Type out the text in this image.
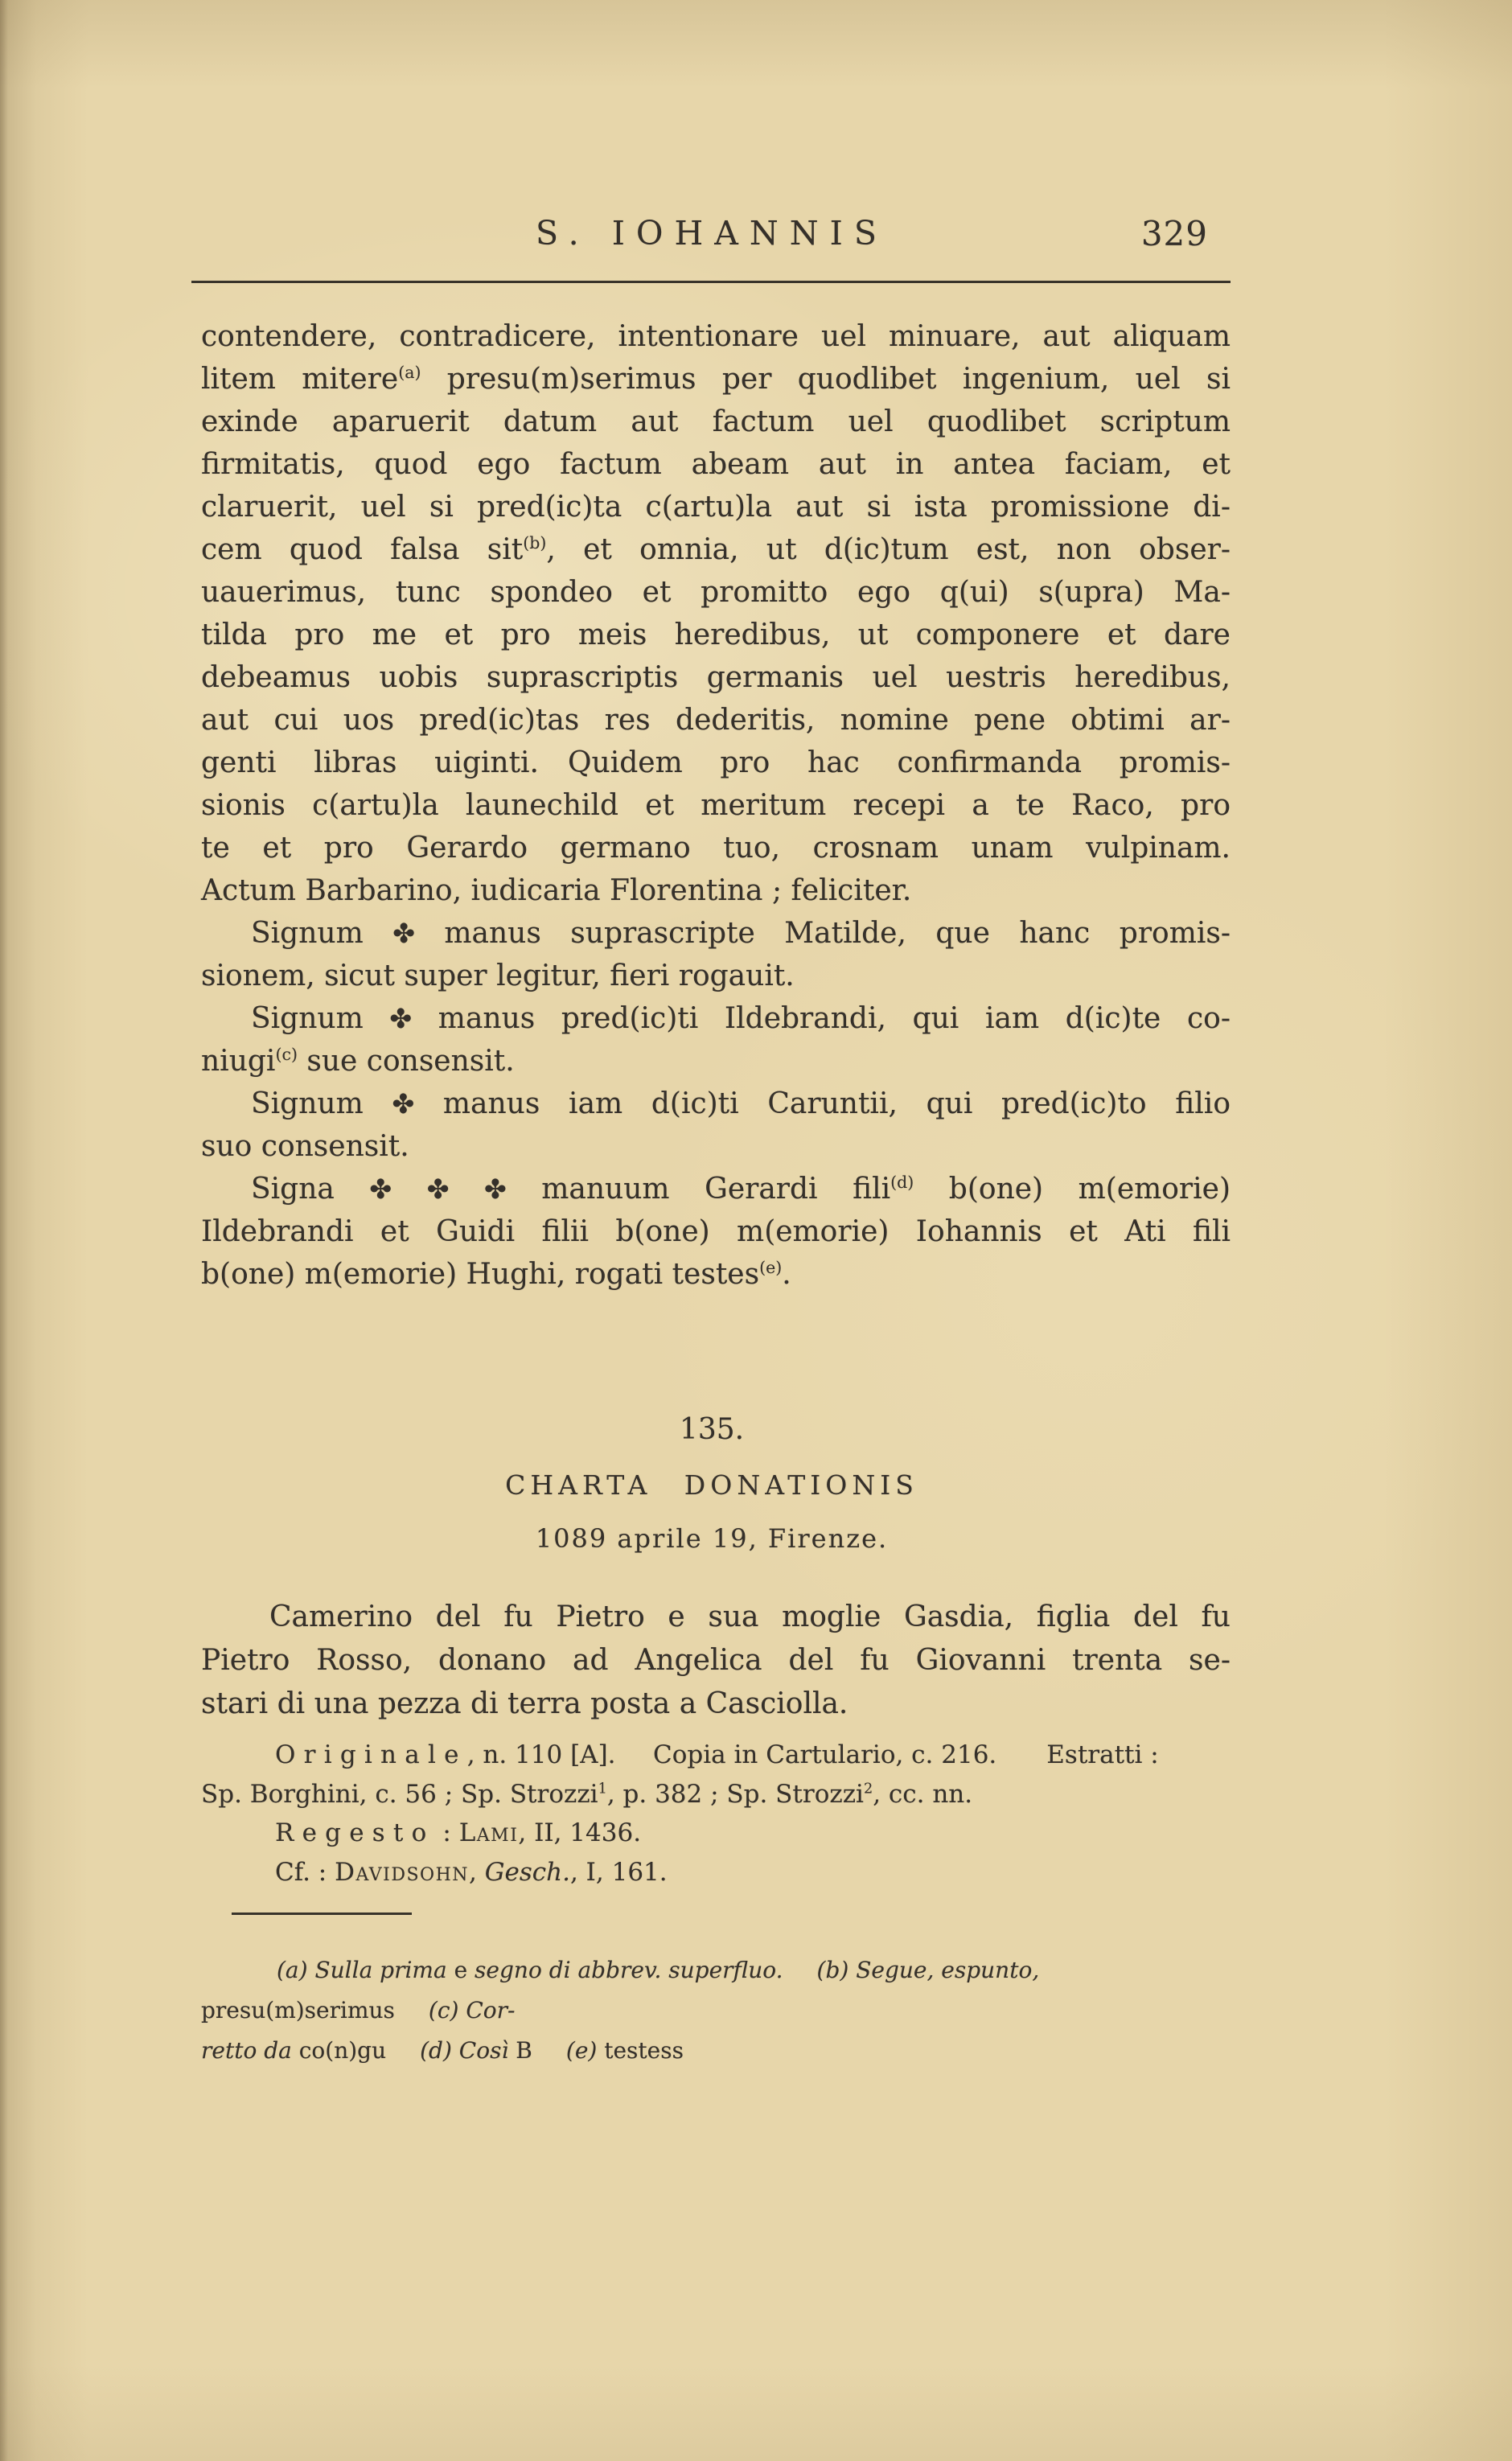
S. IOHANNIS	329
contendere, contradicere, intentionare uel minuare, aut aliquam
litem mitere$^{(a)}$ presu(m)serimus per quodlibet ingenium, uel si
exinde aparuerit datum aut factum uel quodlibet scriptum
firmitatis, quod ego factum abeam aut in antea faciam, et
claruerit, uel si pred(ic)ta c(artu)la aut si ista promissione di-
cem quod falsa sit$^{(b)}$, et omnia, ut d(ic)tum est, non obser-
uauerimus, tunc spondeo et promitto ego q(ui) s(upra) Ma-
tilda pro me et pro meis heredibus, ut componere et dare
debeamus uobis suprascriptis germanis uel uestris heredibus,
aut cui uos pred(ic)tas res dederitis, nomine pene obtimi ar-
genti libras uiginti.  Quidem pro hac confirmanda promis-
sionis c(artu)la launechild et meritum recepi a te Raco, pro
te et pro Gerardo germano tuo, crosnam unam vulpinam.
Actum Barbarino, iudicaria Florentina ; feliciter.
Signum ✤ manus suprascripte Matilde, que hanc promis-
sionem, sicut super legitur, fieri rogauit.
Signum ✤ manus pred(ic)ti Ildebrandi, qui iam d(ic)te co-
niugi$^{(c)}$ sue consensit.
Signum ✤ manus iam d(ic)ti Caruntii, qui pred(ic)to filio
suo consensit.
Signa ✤ ✤ ✤ manuum Gerardi fili$^{(d)}$ b(one) m(emorie)
Ildebrandi et Guidi filii b(one) m(emorie) Iohannis et Ati fili
b(one) m(emorie) Hughi, rogati testes$^{(e)}$.
135.
CHARTA DONATIONIS
1089 aprile 19, Firenze.
Camerino del fu Pietro e sua moglie Gasdia, figlia del fu
Pietro Rosso, donano ad Angelica del fu Giovanni trenta se-
stari di una pezza di terra posta a Casciolla.
Originale, n. 110 [A].   Copia in Cartulario, c. 216.   Estratti :
Sp. Borghini, c. 56 ; Sp. Strozzi$^1$, p. 382 ; Sp. Strozzi$^2$, cc. nn.
Regesto : Lami, II, 1436.
Cf. : Davidsohn, Gesch., I, 161.
(a) Sulla prima e segno di abbrev. superfluo.   (b) Segue, espunto, presu(m)serimus   (c) Cor-
retto da co(n)gu   (d) Così B   (e) testess
